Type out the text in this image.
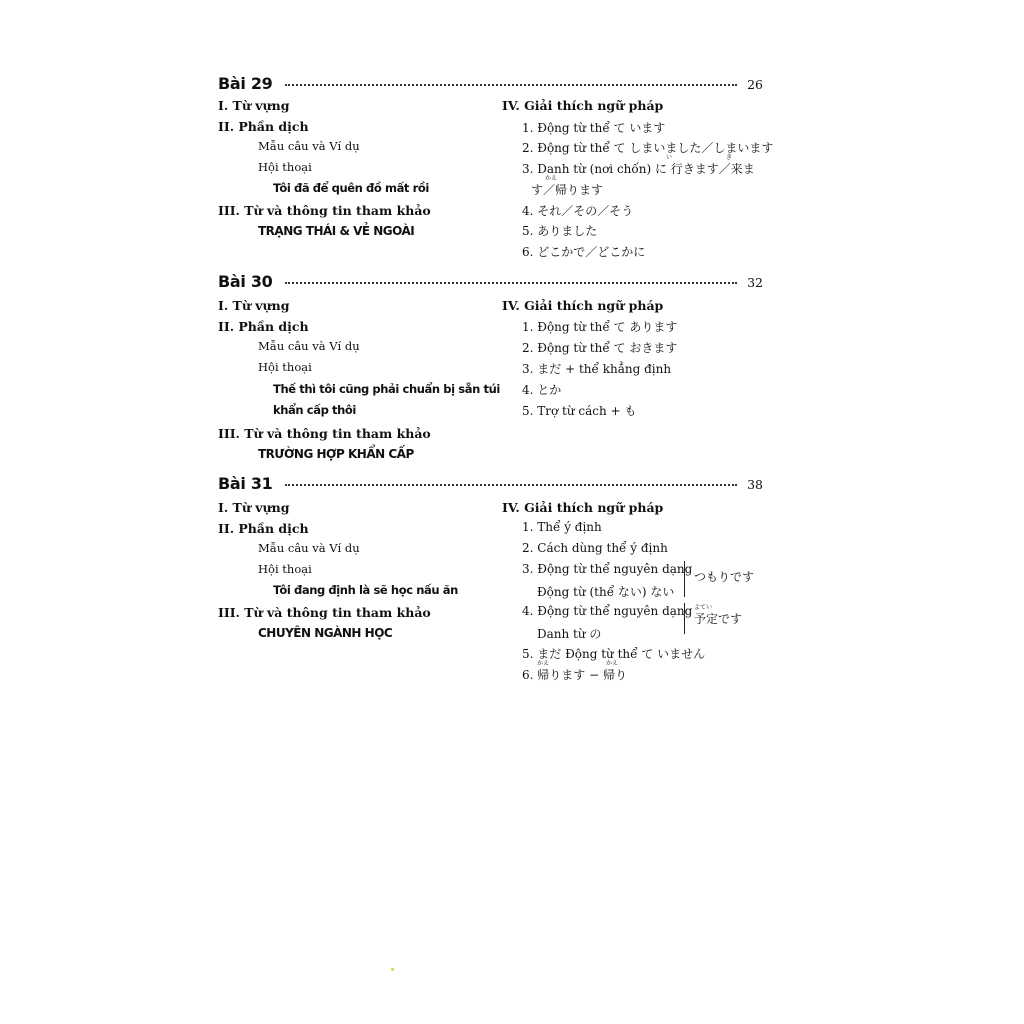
Bài 29	26
I. Từ vựng
II. Phần dịch
Mẫu câu và Ví dụ
Hội thoại
Tôi đã để quên đồ mất rồi
III. Từ và thông tin tham khảo
TRẠNG THÁI & VẺ NGOÀI
IV. Giải thích ngữ pháp
1. Động từ thể て います
2. Động từ thể て しまいました／しまいます
3. Danh từ (nơi chốn) に 行きます／来ま
い	き
す／帰ります
かえ
4. それ／その／そう
5. ありました
6. どこかで／どこかに
Bài 30	32
I. Từ vựng
II. Phần dịch
Mẫu câu và Ví dụ
Hội thoại
Thế thì tôi cũng phải chuẩn bị sẵn túi
khẩn cấp thôi
III. Từ và thông tin tham khảo
TRƯỜNG HỢP KHẨN CẤP
IV. Giải thích ngữ pháp
1. Động từ thể て あります
2. Động từ thể て おきます
3. まだ + thể khẳng định
4. とか
5. Trợ từ cách + も
Bài 31	38
I. Từ vựng
II. Phần dịch
Mẫu câu và Ví dụ
Hội thoại
Tôi đang định là sẽ học nấu ăn
III. Từ và thông tin tham khảo
CHUYÊN NGÀNH HỌC
IV. Giải thích ngữ pháp
1. Thể ý định
2. Cách dùng thể ý định
3. Động từ thể nguyên dạng
Động từ (thể ない) ない
4. Động từ thể nguyên dạng
Danh từ の
つもりです
予定です
よてい
5. まだ Động từ thể て いません
6. 帰ります − 帰り
かえ	かえ
